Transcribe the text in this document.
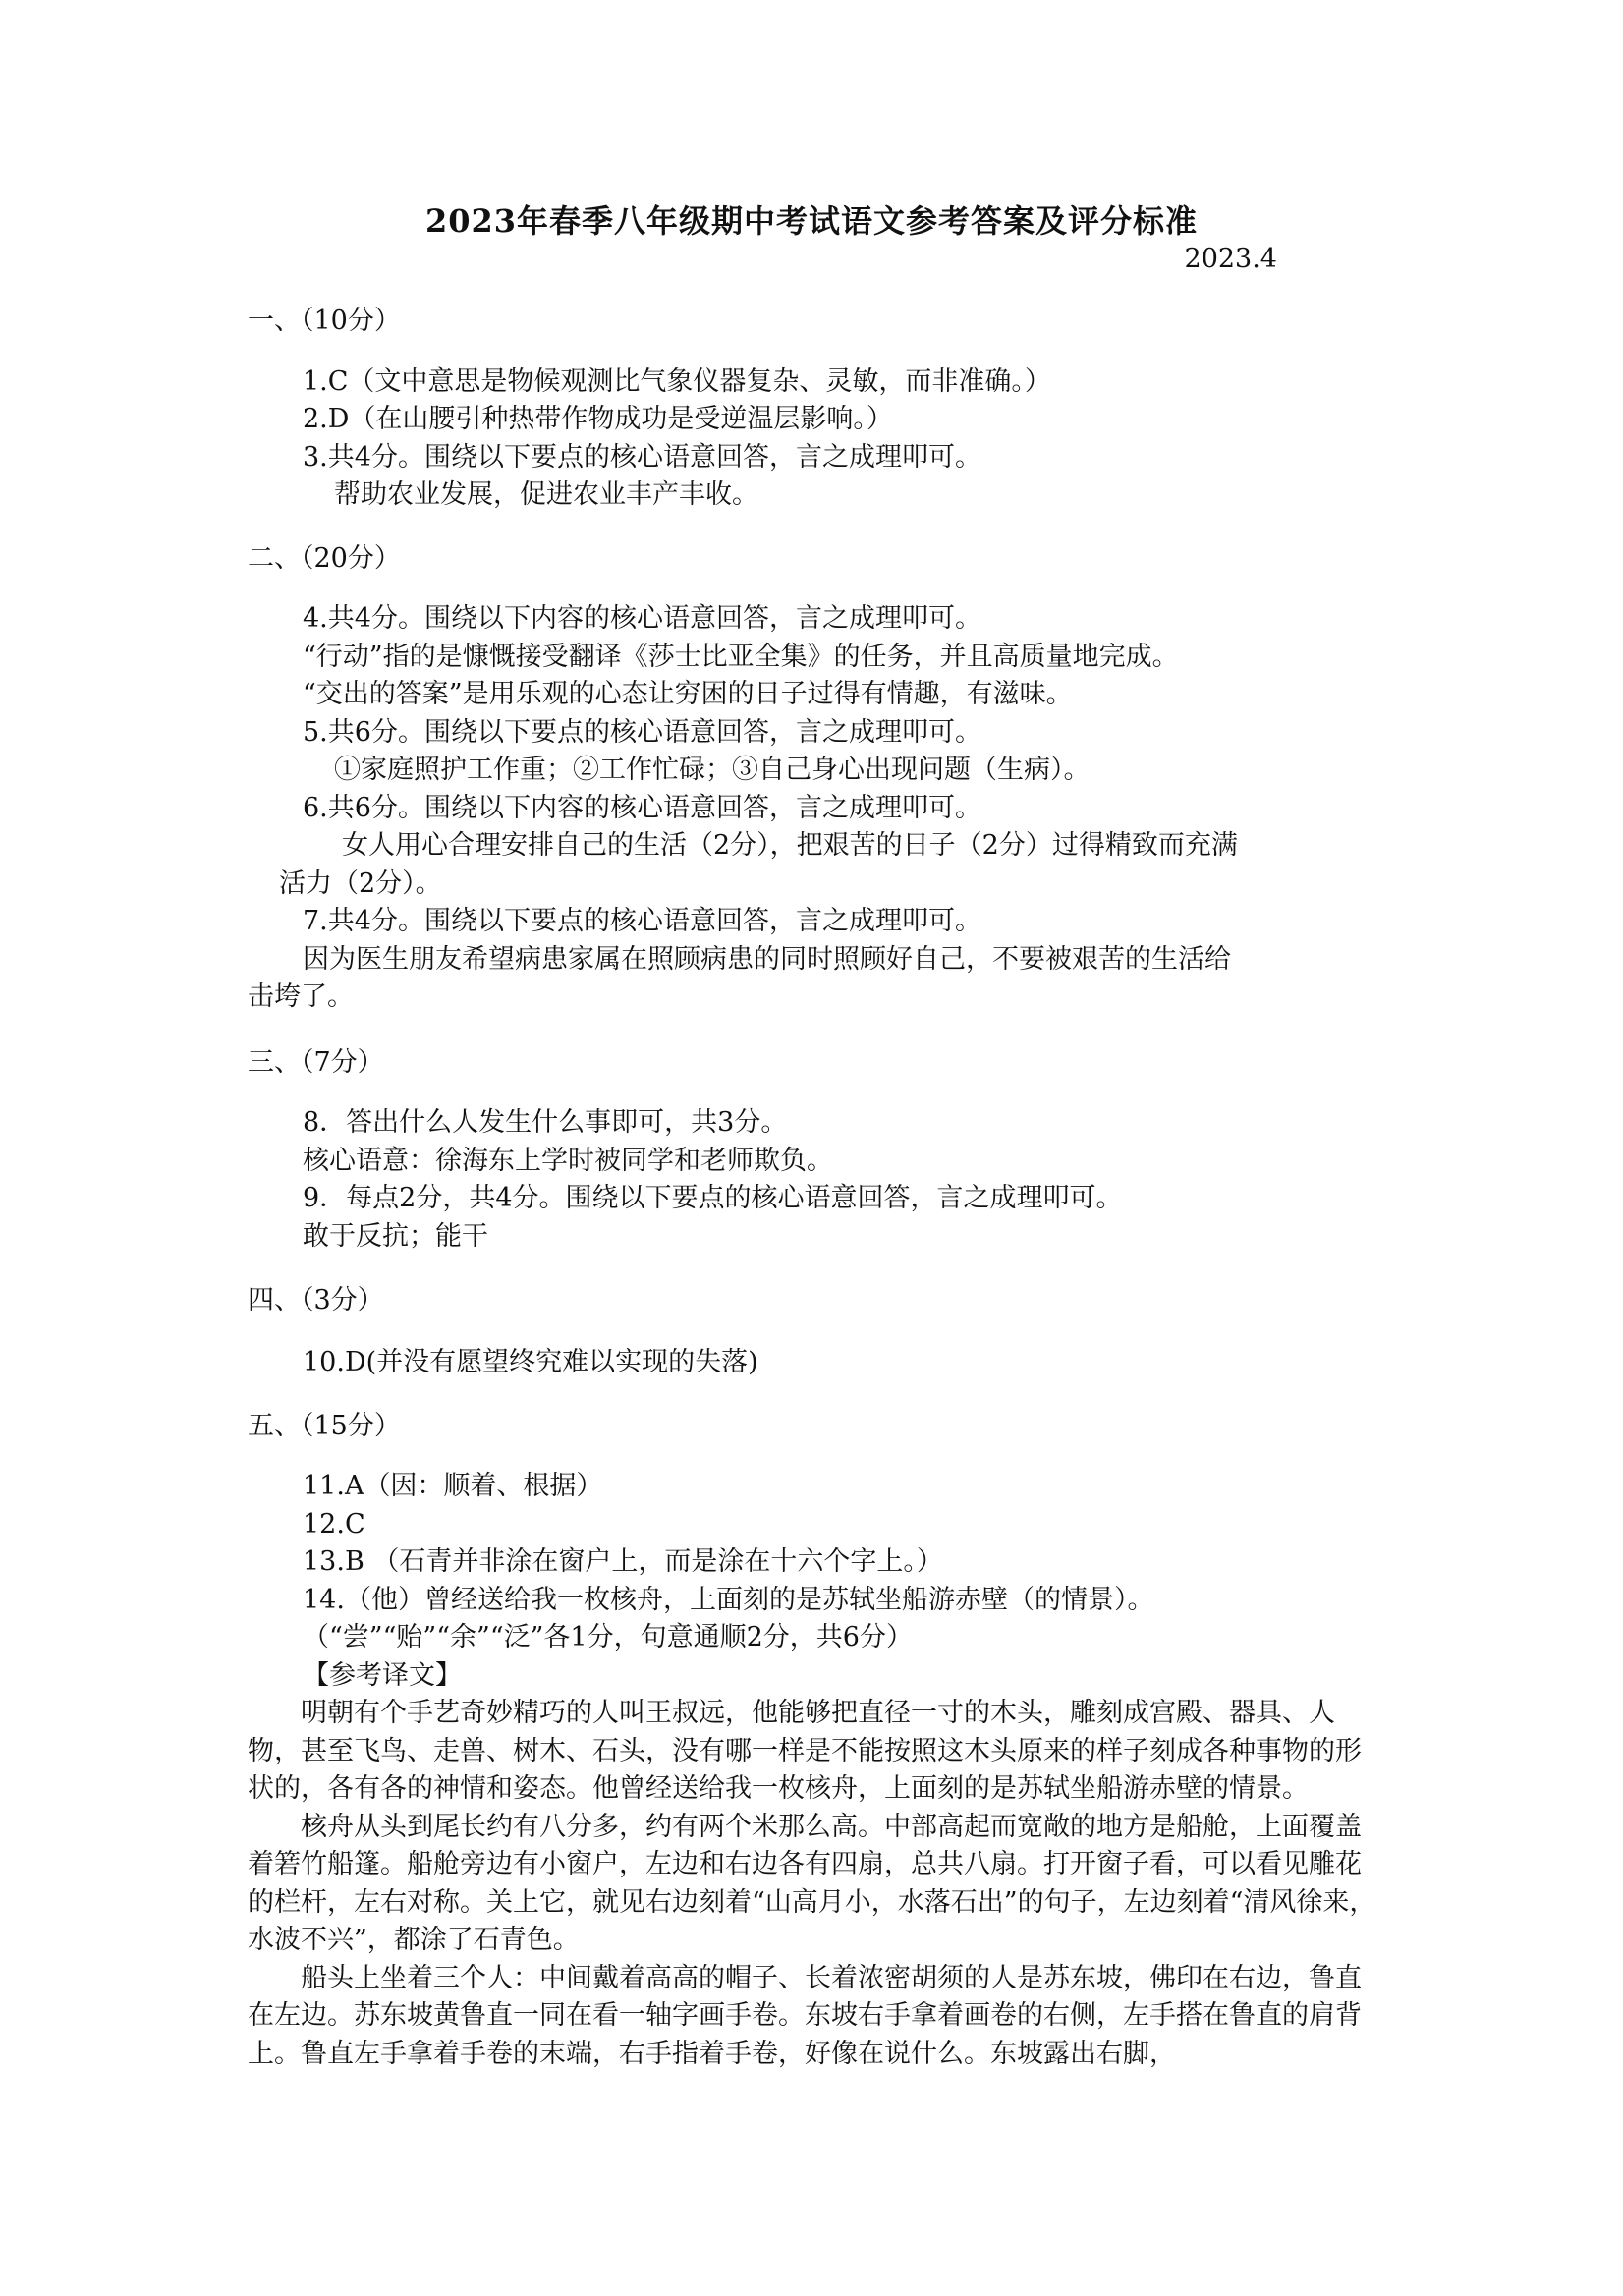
2023年春季八年级期中考试语文参考答案及评分标准
2023.4
一、（10分）
1.C（文中意思是物候观测比气象仪器复杂、灵敏，而非准确。）
2.D（在山腰引种热带作物成功是受逆温层影响。）
3.共4分。围绕以下要点的核心语意回答，言之成理叩可。
帮助农业发展，促进农业丰产丰收。
二、（20分）
4.共4分。围绕以下内容的核心语意回答，言之成理叩可。
“行动”指的是慷慨接受翻译《莎士比亚全集》的任务，并且高质量地完成。
“交出的答案”是用乐观的心态让穷困的日子过得有情趣，有滋味。
5.共6分。围绕以下要点的核心语意回答，言之成理叩可。
①家庭照护工作重；②工作忙碌；③自己身心出现问题（生病）。
6.共6分。围绕以下内容的核心语意回答，言之成理叩可。
女人用心合理安排自己的生活（2分），把艰苦的日子（2分）过得精致而充满
活力（2分）。
7.共4分。围绕以下要点的核心语意回答，言之成理叩可。
因为医生朋友希望病患家属在照顾病患的同时照顾好自己，不要被艰苦的生活给
击垮了。
三、（7分）
8．答出什么人发生什么事即可，共3分。
核心语意：徐海东上学时被同学和老师欺负。
9．每点2分，共4分。围绕以下要点的核心语意回答，言之成理叩可。
敢于反抗；能干
四、（3分）
10.D(并没有愿望终究难以实现的失落)
五、（15分）
11.A（因：顺着、根据）
12.C
13.B （石青并非涂在窗户上，而是涂在十六个字上。）
14.（他）曾经送给我一枚核舟，上面刻的是苏轼坐船游赤壁（的情景）。
（“尝”“贻”“余”“泛”各1分，句意通顺2分，共6分）
【参考译文】

明朝有个手艺奇妙精巧的人叫王叔远，他能够把直径一寸的木头，雕刻成宫殿、器具、人物，甚至飞鸟、走兽、树木、石头，没有哪一样是不能按照这木头原来的样子刻成各种事物的形状的，各有各的神情和姿态。他曾经送给我一枚核舟，上面刻的是苏轼坐船游赤壁的情景。

核舟从头到尾长约有八分多，约有两个米那么高。中部高起而宽敞的地方是船舱，上面覆盖着箬竹船篷。船舱旁边有小窗户，左边和右边各有四扇，总共八扇。打开窗子看，可以看见雕花的栏杆，左右对称。关上它，就见右边刻着“山高月小，水落石出”的句子，左边刻着“清风徐来，水波不兴”，都涂了石青色。

船头上坐着三个人：中间戴着高高的帽子、长着浓密胡须的人是苏东坡，佛印在右边，鲁直在左边。苏东坡黄鲁直一同在看一轴字画手卷。东坡右手拿着画卷的右侧，左手搭在鲁直的肩背上。鲁直左手拿着手卷的末端，右手指着手卷，好像在说什么。东坡露出右脚，
